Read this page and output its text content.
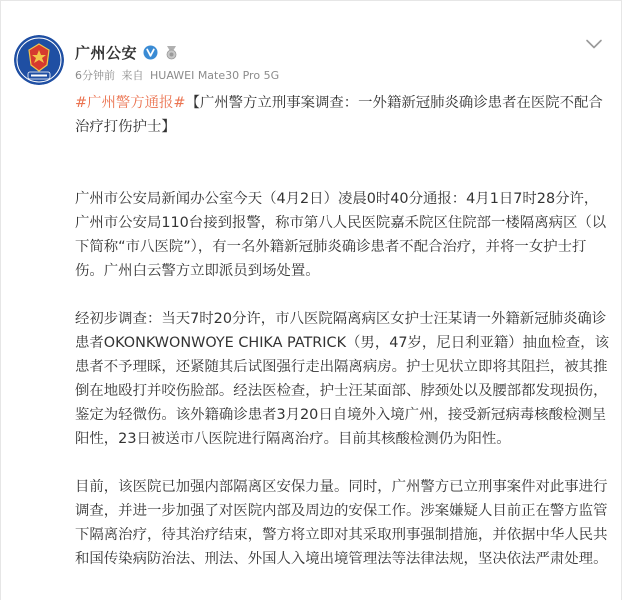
广州公安
6分钟前 来自 HUAWEI Mate30 Pro 5G

#广州警方通报#【广州警方立刑事案调查：一外籍新冠肺炎确诊患者在医院不配合治疗打伤护士】

广州市公安局新闻办公室今天（4月2日）凌晨0时40分通报：4月1日7时28分许，广州市公安局110台接到报警，称市第八人民医院嘉禾院区住院部一楼隔离病区（以下简称“市八医院”），有一名外籍新冠肺炎确诊患者不配合治疗，并将一女护士打伤。广州白云警方立即派员到场处置。

经初步调查：当天7时20分许，市八医院隔离病区女护士汪某请一外籍新冠肺炎确诊患者OKONKWONWOYE CHIKA PATRICK（男，47岁，尼日利亚籍）抽血检查，该患者不予理睬，还紧随其后试图强行走出隔离病房。护士见状立即将其阻拦，被其推倒在地殴打并咬伤脸部。经法医检查，护士汪某面部、脖颈处以及腰部都发现损伤，鉴定为轻微伤。该外籍确诊患者3月20日自境外入境广州，接受新冠病毒核酸检测呈阳性，23日被送市八医院进行隔离治疗。目前其核酸检测仍为阳性。

目前，该医院已加强内部隔离区安保力量。同时，广州警方已立刑事案件对此事进行调查，并进一步加强了对医院内部及周边的安保工作。涉案嫌疑人目前正在警方监管下隔离治疗，待其治疗结束，警方将立即对其采取刑事强制措施，并依据中华人民共和国传染病防治法、刑法、外国人入境出境管理法等法律法规，坚决依法严肃处理。
